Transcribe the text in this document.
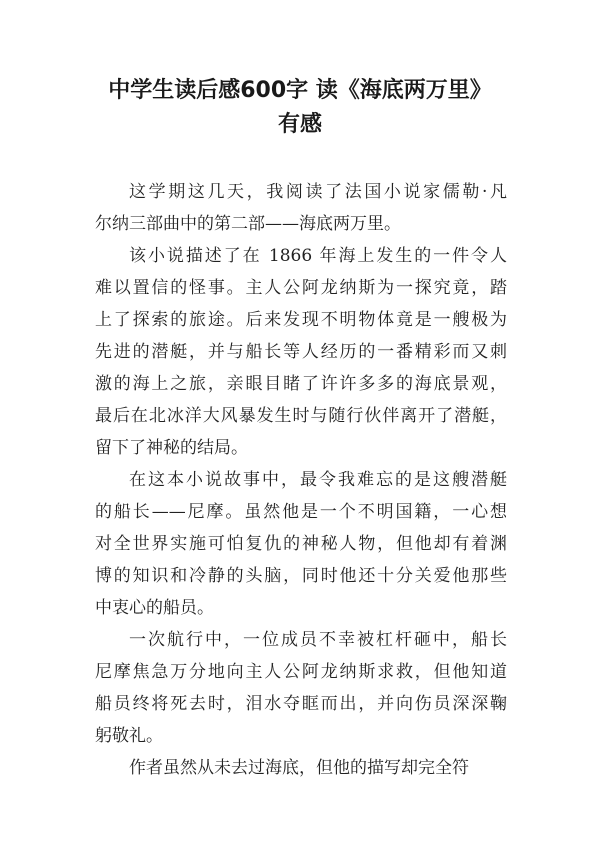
中学生读后感600字 读《海底两万里》
有感
这学期这几天，我阅读了法国小说家儒勒·凡
尔纳三部曲中的第二部——海底两万里。
该小说描述了在 1866 年海上发生的一件令人
难以置信的怪事。主人公阿龙纳斯为一探究竟，踏
上了探索的旅途。后来发现不明物体竟是一艘极为
先进的潜艇，并与船长等人经历的一番精彩而又刺
激的海上之旅，亲眼目睹了许许多多的海底景观，
最后在北冰洋大风暴发生时与随行伙伴离开了潜艇，
留下了神秘的结局。
在这本小说故事中，最令我难忘的是这艘潜艇
的船长——尼摩。虽然他是一个不明国籍，一心想
对全世界实施可怕复仇的神秘人物，但他却有着渊
博的知识和冷静的头脑，同时他还十分关爱他那些
中衷心的船员。
一次航行中，一位成员不幸被杠杆砸中，船长
尼摩焦急万分地向主人公阿龙纳斯求救，但他知道
船员终将死去时，泪水夺眶而出，并向伤员深深鞠
躬敬礼。
作者虽然从未去过海底，但他的描写却完全符
